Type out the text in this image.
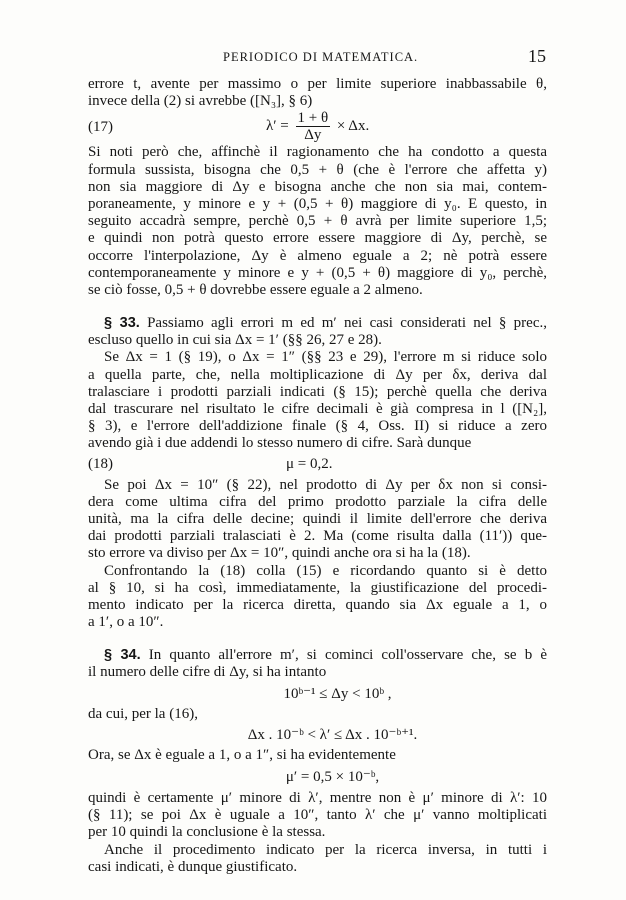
PERIODICO DI MATEMATICA.	15
errore t, avente per massimo o per limite superiore inabbassabile θ,
invece della (2) si avrebbe ([N₃], § 6)
(17)	$\lambda' = \frac{1 + \theta}{\Delta y} \times \Delta x$.
Si noti però che, affinchè il ragionamento che ha condotto a questa
formula sussista, bisogna che 0,5 + θ (che è l'errore che affetta y)
non sia maggiore di Δy e bisogna anche che non sia mai, contem-
poraneamente, y minore e y + (0,5 + θ) maggiore di y₀. E questo, in
seguito accadrà sempre, perchè 0,5 + θ avrà per limite superiore 1,5;
e quindi non potrà questo errore essere maggiore di Δy, perchè, se
occorre l'interpolazione, Δy è almeno eguale a 2; nè potrà essere
contemporaneamente y minore e y + (0,5 + θ) maggiore di y₀, perchè,
se ciò fosse, 0,5 + θ dovrebbe essere eguale a 2 almeno.
§ 33. Passiamo agli errori m ed m′ nei casi considerati nel § prec.,
escluso quello in cui sia Δx = 1′ (§§ 26, 27 e 28).
Se Δx = 1 (§ 19), o Δx = 1″ (§§ 23 e 29), l'errore m si riduce solo
a quella parte, che, nella moltiplicazione di Δy per δx, deriva dal
tralasciare i prodotti parziali indicati (§ 15); perchè quella che deriva
dal trascurare nel risultato le cifre decimali è già compresa in l ([N₂],
§ 3), e l'errore dell'addizione finale (§ 4, Oss. II) si riduce a zero
avendo già i due addendi lo stesso numero di cifre. Sarà dunque
(18)	μ = 0,2.
Se poi Δx = 10″ (§ 22), nel prodotto di Δy per δx non si consi-
dera come ultima cifra del primo prodotto parziale la cifra delle
unità, ma la cifra delle decine; quindi il limite dell'errore che deriva
dai prodotti parziali tralasciati è 2. Ma (come risulta dalla (11′)) que-
sto errore va diviso per Δx = 10″, quindi anche ora si ha la (18).
Confrontando la (18) colla (15) e ricordando quanto si è detto
al § 10, si ha così, immediatamente, la giustificazione del procedi-
mento indicato per la ricerca diretta, quando sia Δx eguale a 1, o
a 1′, o a 10″.
§ 34. In quanto all'errore m′, si cominci coll'osservare che, se b è
il numero delle cifre di Δy, si ha intanto
10ᵇ⁻¹ ≤ Δy < 10ᵇ ,
da cui, per la (16),
Δx . 10⁻ᵇ < λ′ ≤ Δx . 10⁻ᵇ⁺¹.
Ora, se Δx è eguale a 1, o a 1″, si ha evidentemente
μ′ = 0,5 × 10⁻ᵇ,
quindi è certamente μ′ minore di λ′, mentre non è μ′ minore di λ′: 10
(§ 11); se poi Δx è uguale a 10″, tanto λ′ che μ′ vanno moltiplicati
per 10 quindi la conclusione è la stessa.
Anche il procedimento indicato per la ricerca inversa, in tutti i
casi indicati, è dunque giustificato.
